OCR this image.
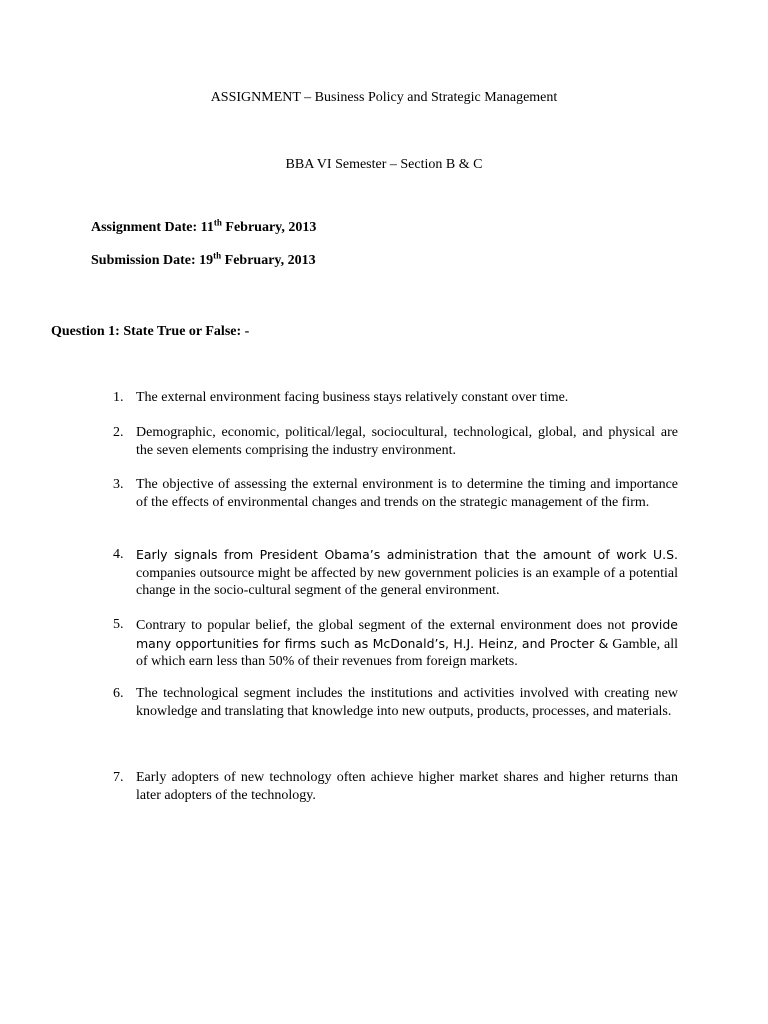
ASSIGNMENT – Business Policy and Strategic Management
BBA VI Semester – Section B & C
Assignment Date: 11th February, 2013
Submission Date: 19th February, 2013
Question 1: State True or False: -
1. The external environment facing business stays relatively constant over time.
2. Demographic, economic, political/legal, sociocultural, technological, global, and physical are the seven elements comprising the industry environment.
3. The objective of assessing the external environment is to determine the timing and importance of the effects of environmental changes and trends on the strategic management of the firm.
4.	Early signals from President Obama’s administration that the amount of work U.S. companies outsource might be affected by new government policies is an example of a potential change in the socio-cultural segment of the general environment.
5. Contrary to popular belief, the global segment of the external environment does not provide many opportunities for firms such as McDonald’s, H.J. Heinz, and Procter & Gamble, all of which earn less than 50% of their revenues from foreign markets.
6. The technological segment includes the institutions and activities involved with creating new knowledge and translating that knowledge into new outputs, products, processes, and materials.
7. Early adopters of new technology often achieve higher market shares and higher returns than later adopters of the technology.
